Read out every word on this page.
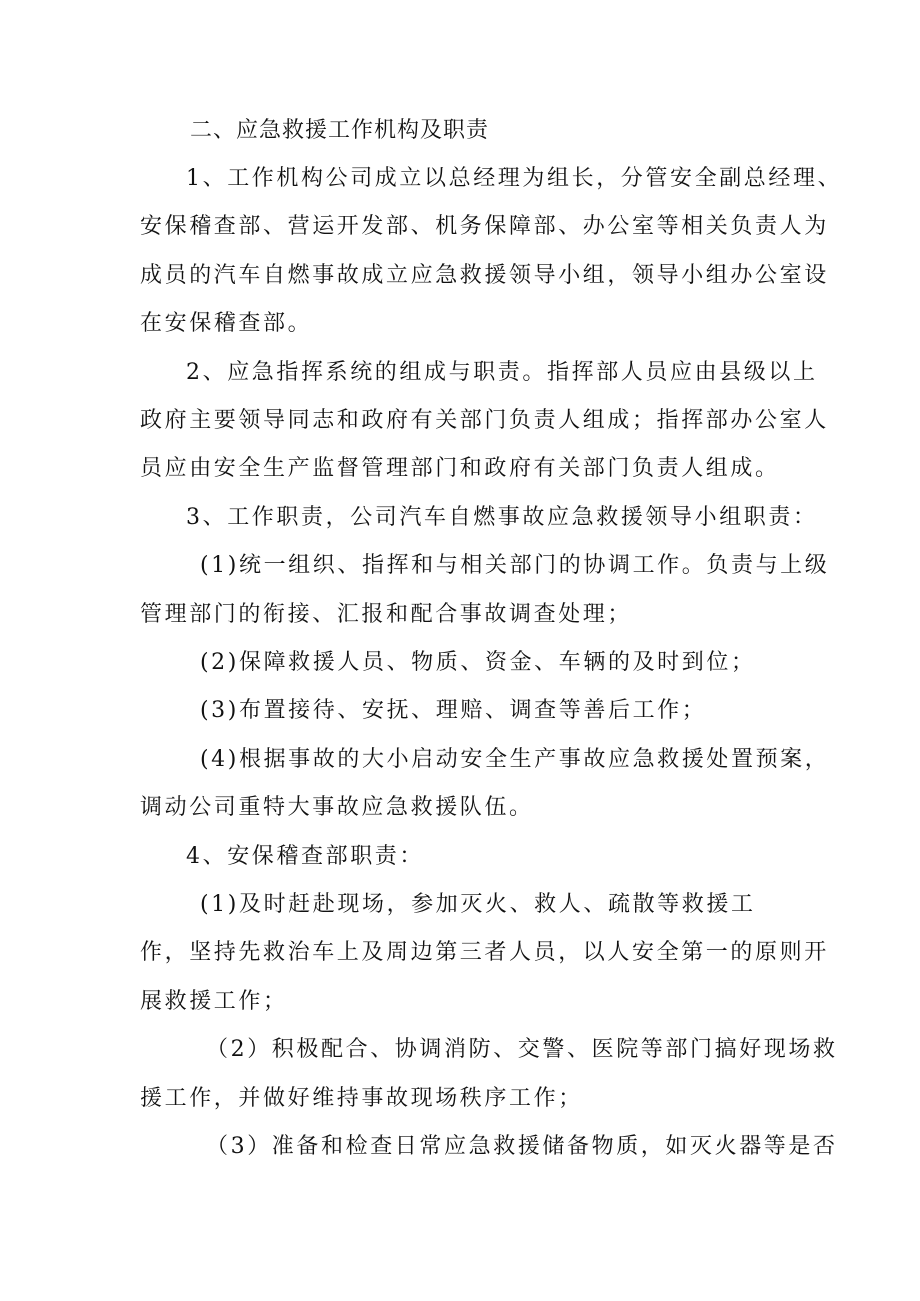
二、应急救援工作机构及职责
1、工作机构公司成立以总经理为组长，分管安全副总经理、
安保稽查部、营运开发部、机务保障部、办公室等相关负责人为
成员的汽车自燃事故成立应急救援领导小组，领导小组办公室设
在安保稽查部。
2、应急指挥系统的组成与职责。指挥部人员应由县级以上
政府主要领导同志和政府有关部门负责人组成；指挥部办公室人
员应由安全生产监督管理部门和政府有关部门负责人组成。
3、工作职责，公司汽车自燃事故应急救援领导小组职责：
(1)统一组织、指挥和与相关部门的协调工作。负责与上级
管理部门的衔接、汇报和配合事故调查处理；
(2)保障救援人员、物质、资金、车辆的及时到位；
(3)布置接待、安抚、理赔、调查等善后工作；
(4)根据事故的大小启动安全生产事故应急救援处置预案，
调动公司重特大事故应急救援队伍。
4、安保稽查部职责：
(1)及时赶赴现场，参加灭火、救人、疏散等救援工
作，坚持先救治车上及周边第三者人员，以人安全第一的原则开
展救援工作；
（2）积极配合、协调消防、交警、医院等部门搞好现场救
援工作，并做好维持事故现场秩序工作；
（3）准备和检查日常应急救援储备物质，如灭火器等是否
